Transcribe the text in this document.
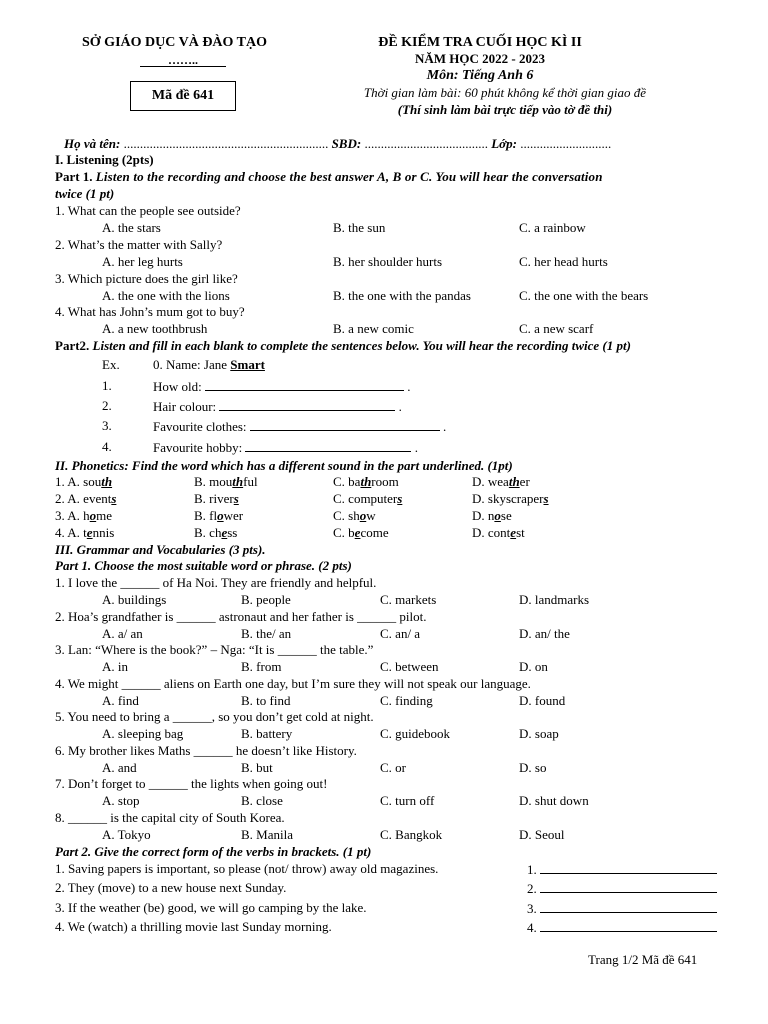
SỞ GIÁO DỤC VÀ ĐÀO TẠO
……..
Mã đề 641
ĐỀ KIỂM TRA CUỐI HỌC KÌ II
NĂM HỌC 2022 - 2023
Môn: Tiếng Anh 6
Thời gian làm bài: 60 phút không kể thời gian giao đề
(Thí sinh làm bài trực tiếp vào tờ đề thi)
Họ và tên: ............................................................... SBD: ...................................... Lớp: ............................
I. Listening (2pts)
Part 1. Listen to the recording and choose the best answer A, B or C. You will hear the conversation
twice (1 pt)
1. What can the people see outside?
A. the stars	B. the sun	C. a rainbow
2. What’s the matter with Sally?
A. her leg hurts	B. her shoulder hurts	C. her head hurts
3. Which picture does the girl like?
A. the one with the lions	B. the one with the pandas	C. the one with the bears
4. What has John’s mum got to buy?
A. a new toothbrush	B. a new comic	C. a new scarf
Part2. Listen and fill in each blank to complete the sentences below. You will hear the recording twice (1 pt)
Ex.	0. Name: Jane Smart
1.	How old:	.
2.	Hair colour:	.
3.	Favourite clothes:	.
4.	Favourite hobby:	.
II. Phonetics: Find the word which has a different sound in the part underlined. (1pt)
1. A. south	B. mouthful	C. bathroom	D. weather
2. A. events	B. rivers	C. computers	D. skyscrapers
3. A. home	B. flower	C. show	D. nose
4. A. tennis	B. chess	C. become	D. contest
III. Grammar and Vocabularies (3 pts).
Part 1. Choose the most suitable word or phrase. (2 pts)
1. I love the ______ of Ha Noi. They are friendly and helpful.
A. buildings	B. people	C. markets	D. landmarks
2. Hoa’s grandfather is ______ astronaut and her father is ______ pilot.
A. a/ an	B. the/ an	C. an/ a	D. an/ the
3. Lan: “Where is the book?” – Nga: “It is ______ the table.”
A. in	B. from	C. between	D. on
4. We might ______ aliens on Earth one day, but I’m sure they will not speak our language.
A. find	B. to find	C. finding	D. found
5. You need to bring a ______, so you don’t get cold at night.
A. sleeping bag	B. battery	C. guidebook	D. soap
6. My brother likes Maths ______ he doesn’t like History.
A. and	B. but	C. or	D. so
7. Don’t forget to ______ the lights when going out!
A. stop	B. close	C. turn off	D. shut down
8. ______ is the capital city of South Korea.
A. Tokyo	B. Manila	C. Bangkok	D. Seoul
Part 2. Give the correct form of the verbs in brackets. (1 pt)
1. Saving papers is important, so please (not/ throw) away old magazines.	1.
2. They (move) to a new house next Sunday.	2.
3. If the weather (be) good, we will go camping by the lake.	3.
4. We (watch) a thrilling movie last Sunday morning.	4.
Trang 1/2 Mã đề 641
